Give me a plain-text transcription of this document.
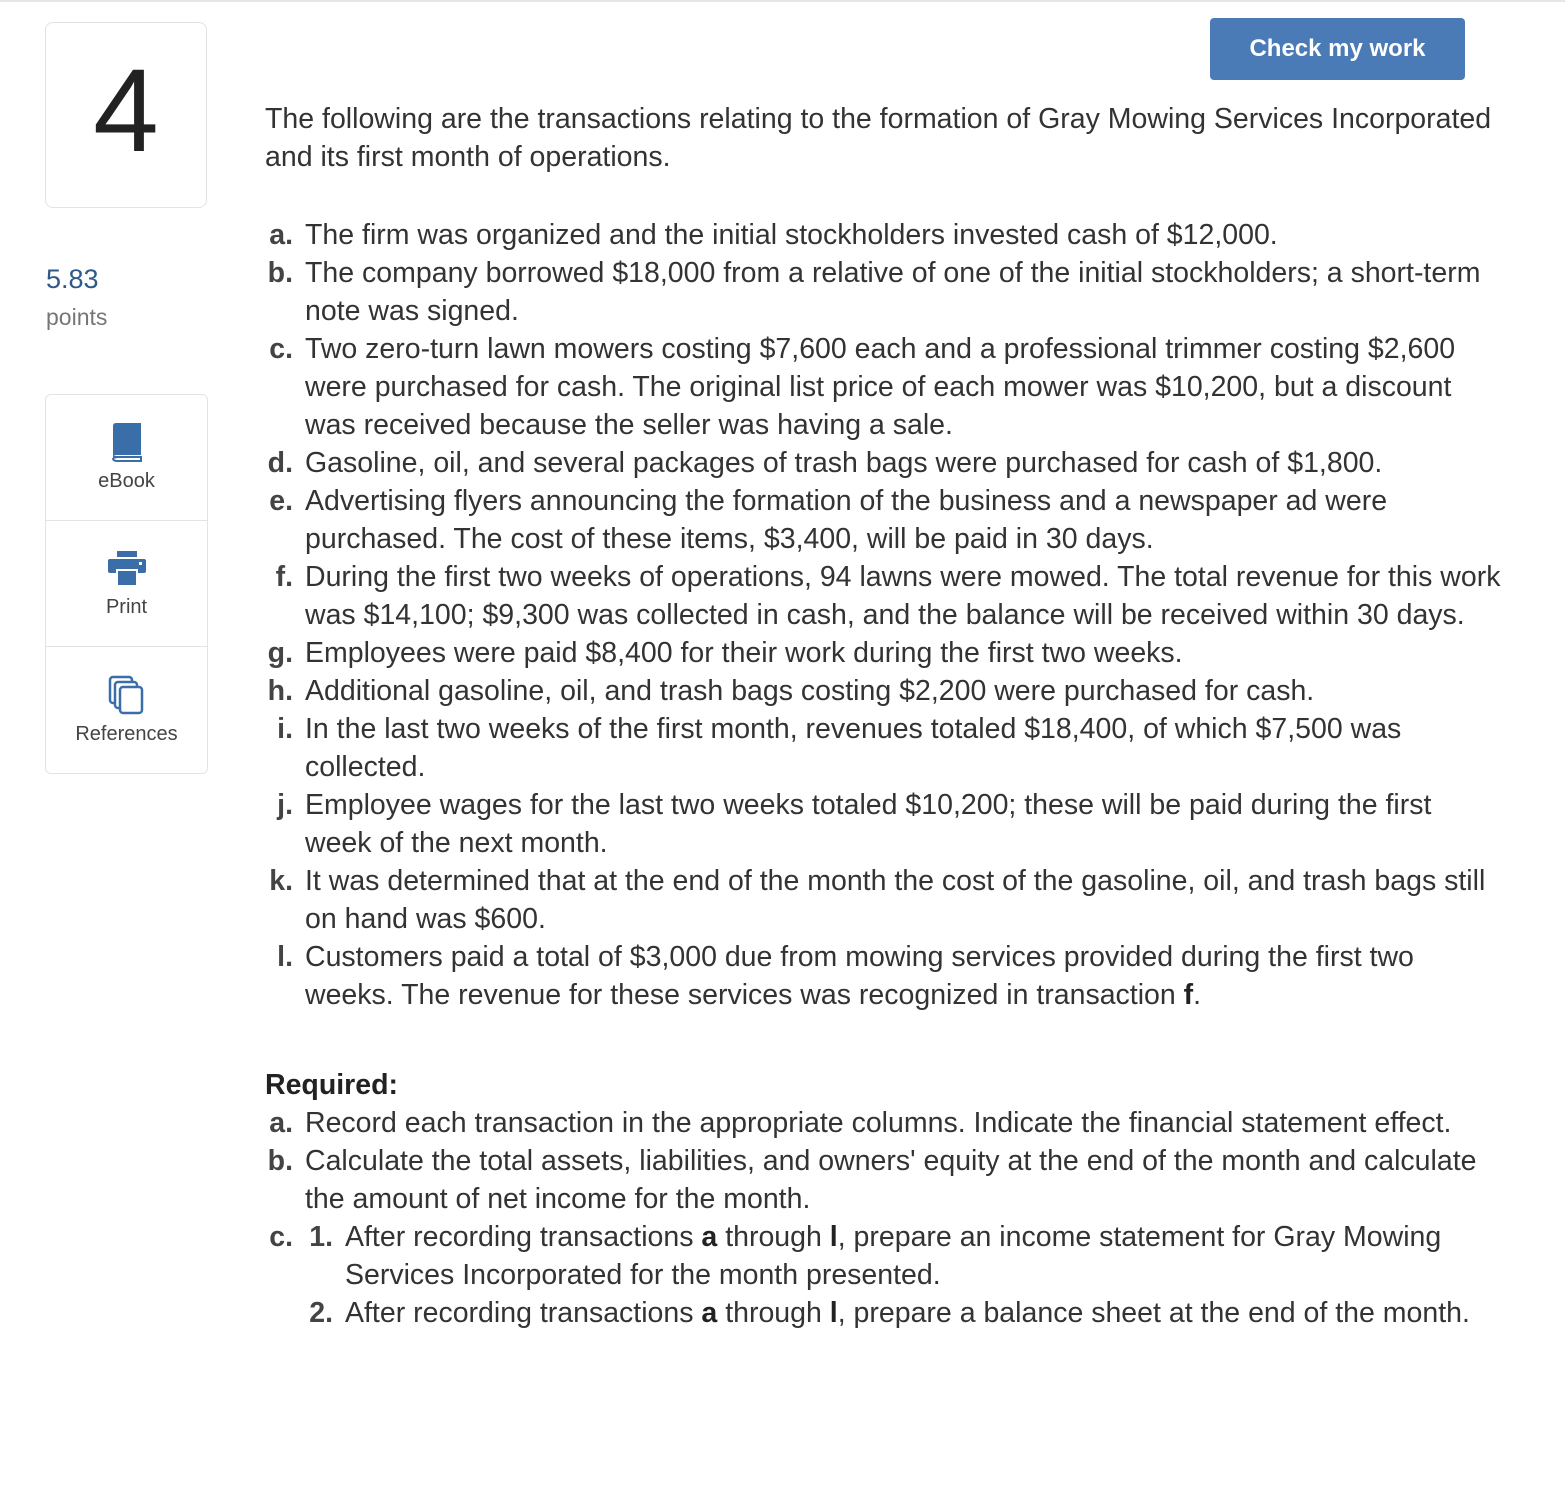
4
5.83
points
eBook
Print
References
Check my work

The following are the transactions relating to the formation of Gray Mowing Services Incorporated and its first month of operations.

a. The firm was organized and the initial stockholders invested cash of $12,000.
b. The company borrowed $18,000 from a relative of one of the initial stockholders; a short-term note was signed.
c. Two zero-turn lawn mowers costing $7,600 each and a professional trimmer costing $2,600 were purchased for cash. The original list price of each mower was $10,200, but a discount was received because the seller was having a sale.
d. Gasoline, oil, and several packages of trash bags were purchased for cash of $1,800.
e. Advertising flyers announcing the formation of the business and a newspaper ad were purchased. The cost of these items, $3,400, will be paid in 30 days.
f. During the first two weeks of operations, 94 lawns were mowed. The total revenue for this work was $14,100; $9,300 was collected in cash, and the balance will be received within 30 days.
g. Employees were paid $8,400 for their work during the first two weeks.
h. Additional gasoline, oil, and trash bags costing $2,200 were purchased for cash.
i. In the last two weeks of the first month, revenues totaled $18,400, of which $7,500 was collected.
j. Employee wages for the last two weeks totaled $10,200; these will be paid during the first week of the next month.
k. It was determined that at the end of the month the cost of the gasoline, oil, and trash bags still on hand was $600.
l. Customers paid a total of $3,000 due from mowing services provided during the first two weeks. The revenue for these services was recognized in transaction f.
Required:
a. Record each transaction in the appropriate columns. Indicate the financial statement effect.
b. Calculate the total assets, liabilities, and owners' equity at the end of the month and calculate the amount of net income for the month.
c. 1. After recording transactions a through l, prepare an income statement for Gray Mowing Services Incorporated for the month presented.
2. After recording transactions a through l, prepare a balance sheet at the end of the month.
